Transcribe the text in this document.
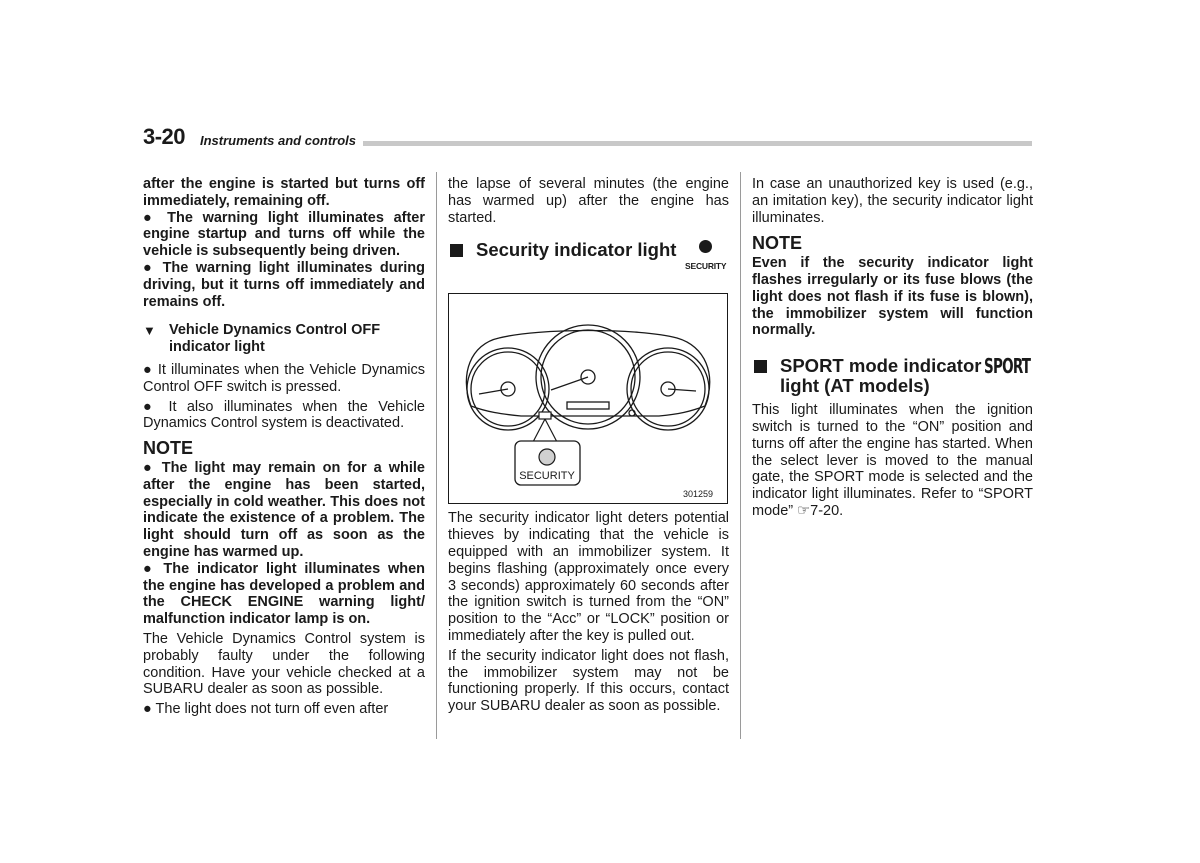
3-20 Instruments and controls

after the engine is started but turns off immediately, remaining off.

● The warning light illuminates after engine startup and turns off while the vehicle is subsequently being driven.

● The warning light illuminates during driving, but it turns off immediately and remains off.

▼ Vehicle Dynamics Control OFF indicator light

● It illuminates when the Vehicle Dynamics Control OFF switch is pressed.

● It also illuminates when the Vehicle Dynamics Control system is deactivated.

NOTE

● The light may remain on for a while after the engine has been started, especially in cold weather. This does not indicate the existence of a problem. The light should turn off as soon as the engine has warmed up.

● The indicator light illuminates when the engine has developed a problem and the CHECK ENGINE warning light/ malfunction indicator lamp is on.

The Vehicle Dynamics Control system is probably faulty under the following condition. Have your vehicle checked at a SUBARU dealer as soon as possible.

● The light does not turn off even after

the lapse of several minutes (the engine has warmed up) after the engine has started.

Security indicator light
SECURITY
SECURITY
301259

The security indicator light deters potential thieves by indicating that the vehicle is equipped with an immobilizer system. It begins flashing (approximately once every 3 seconds) approximately 60 seconds after the ignition switch is turned from the “ON” position to the “Acc” or “LOCK” position or immediately after the key is pulled out.

If the security indicator light does not flash, the immobilizer system may not be functioning properly. If this occurs, contact your SUBARU dealer as soon as possible.

In case an unauthorized key is used (e.g., an imitation key), the security indicator light illuminates.

NOTE

Even if the security indicator light flashes irregularly or its fuse blows (the light does not flash if its fuse is blown), the immobilizer system will function normally.

SPORT mode indicator
light (AT models)
SPORT

This light illuminates when the ignition switch is turned to the “ON” position and turns off after the engine has started. When the select lever is moved to the manual gate, the SPORT mode is selected and the indicator light illuminates. Refer to “SPORT mode” ☞7-20.
